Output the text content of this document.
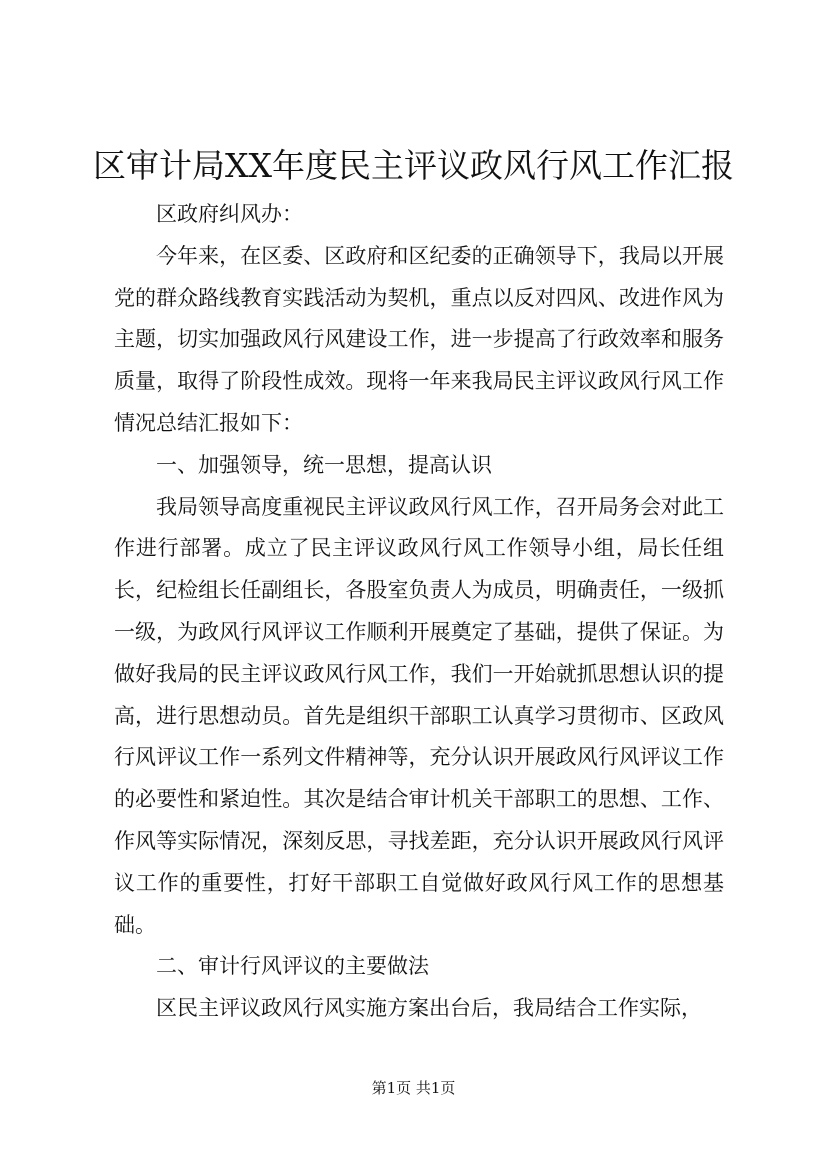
区审计局XX年度民主评议政风行风工作汇报

区政府纠风办：

今年来，在区委、区政府和区纪委的正确领导下，我局以开展党的群众路线教育实践活动为契机，重点以反对四风、改进作风为主题，切实加强政风行风建设工作，进一步提高了行政效率和服务质量，取得了阶段性成效。现将一年来我局民主评议政风行风工作情况总结汇报如下：

一、加强领导，统一思想，提高认识

我局领导高度重视民主评议政风行风工作，召开局务会对此工作进行部署。成立了民主评议政风行风工作领导小组，局长任组长，纪检组长任副组长，各股室负责人为成员，明确责任，一级抓一级，为政风行风评议工作顺利开展奠定了基础，提供了保证。为做好我局的民主评议政风行风工作，我们一开始就抓思想认识的提高，进行思想动员。首先是组织干部职工认真学习贯彻市、区政风行风评议工作一系列文件精神等，充分认识开展政风行风评议工作的必要性和紧迫性。其次是结合审计机关干部职工的思想、工作、作风等实际情况，深刻反思，寻找差距，充分认识开展政风行风评议工作的重要性，打好干部职工自觉做好政风行风工作的思想基础。

二、审计行风评议的主要做法

区民主评议政风行风实施方案出台后，我局结合工作实际，

第1页 共1页
